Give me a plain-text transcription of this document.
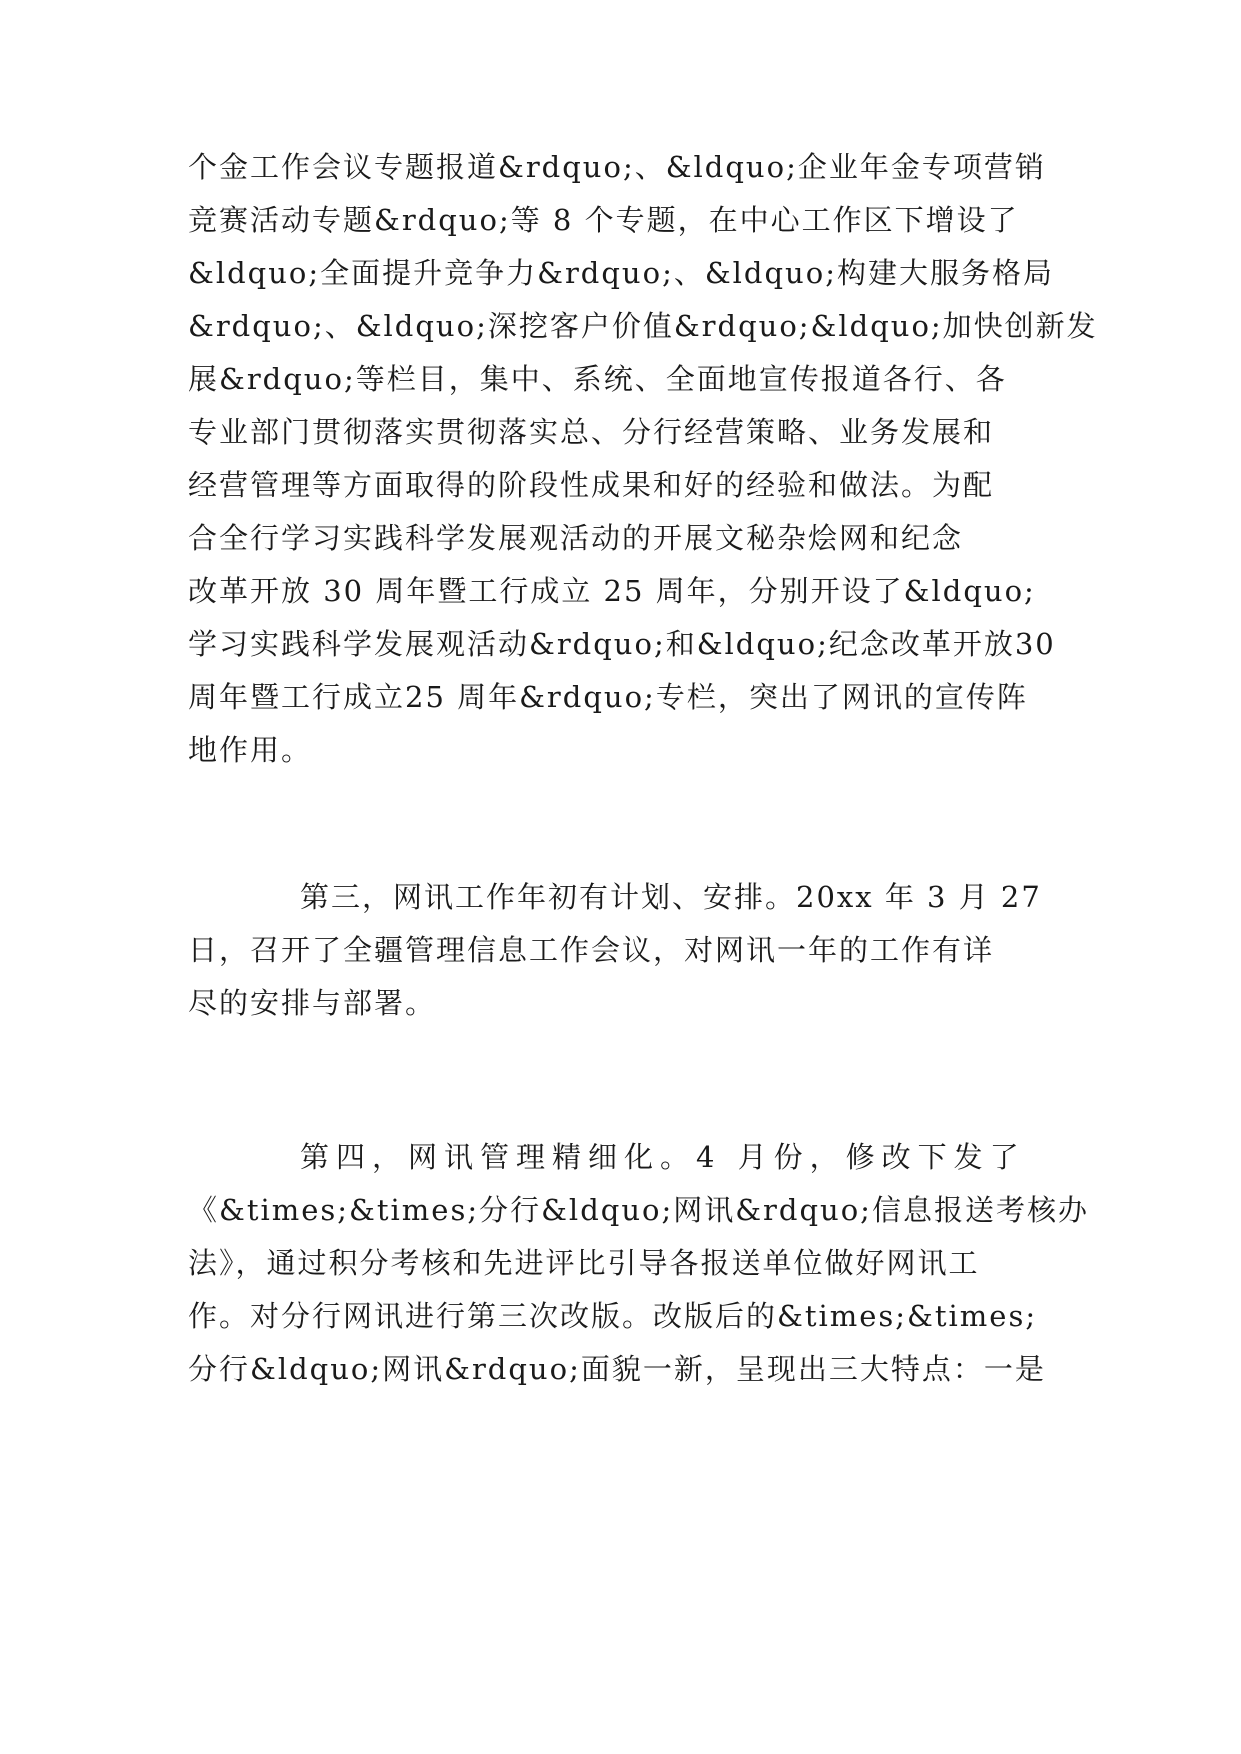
个金工作会议专题报道&rdquo;、&ldquo;企业年金专项营销
竞赛活动专题&rdquo;等 8 个专题，在中心工作区下增设了
&ldquo;全面提升竞争力&rdquo;、&ldquo;构建大服务格局
&rdquo;、&ldquo;深挖客户价值&rdquo;&ldquo;加快创新发
展&rdquo;等栏目，集中、系统、全面地宣传报道各行、各
专业部门贯彻落实贯彻落实总、分行经营策略、业务发展和
经营管理等方面取得的阶段性成果和好的经验和做法。为配
合全行学习实践科学发展观活动的开展文秘杂烩网和纪念
改革开放 30 周年暨工行成立 25 周年，分别开设了&ldquo;
学习实践科学发展观活动&rdquo;和&ldquo;纪念改革开放30
周年暨工行成立25 周年&rdquo;专栏，突出了网讯的宣传阵
地作用。
第三，网讯工作年初有计划、安排。20xx 年 3 月 27
日，召开了全疆管理信息工作会议，对网讯一年的工作有详
尽的安排与部署。
第四，网讯管理精细化。4 月份，修改下发了
《&times;&times;分行&ldquo;网讯&rdquo;信息报送考核办
法》，通过积分考核和先进评比引导各报送单位做好网讯工
作。对分行网讯进行第三次改版。改版后的&times;&times;
分行&ldquo;网讯&rdquo;面貌一新，呈现出三大特点：一是
